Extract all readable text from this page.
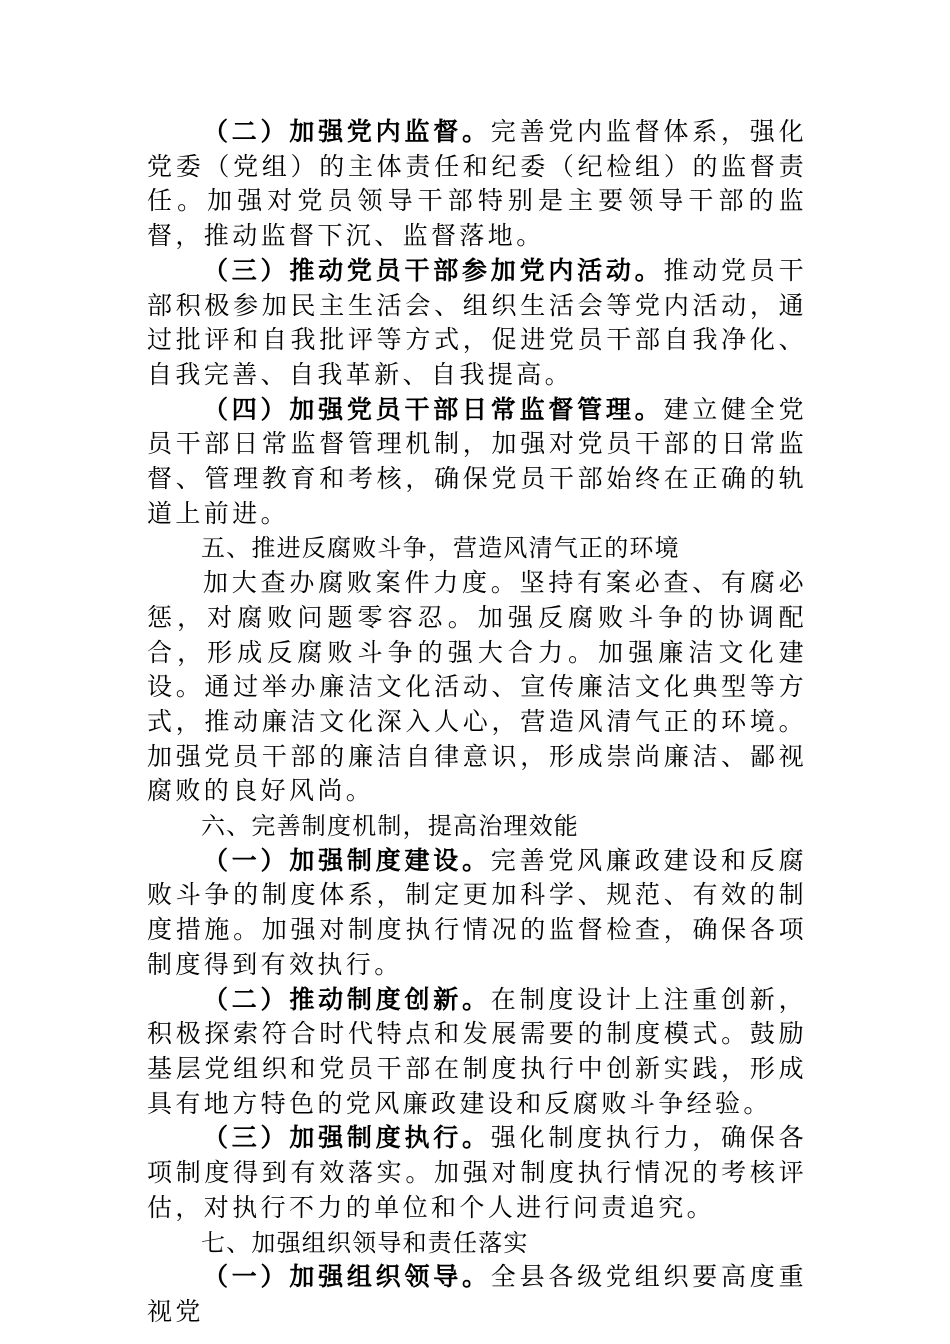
（二）加强党内监督。完善党内监督体系，强化党委（党组）的主体责任和纪委（纪检组）的监督责任。加强对党员领导干部特别是主要领导干部的监督，推动监督下沉、监督落地。

（三）推动党员干部参加党内活动。推动党员干部积极参加民主生活会、组织生活会等党内活动，通过批评和自我批评等方式，促进党员干部自我净化、自我完善、自我革新、自我提高。

（四）加强党员干部日常监督管理。建立健全党员干部日常监督管理机制，加强对党员干部的日常监督、管理教育和考核，确保党员干部始终在正确的轨道上前进。

五、推进反腐败斗争，营造风清气正的环境

加大查办腐败案件力度。坚持有案必查、有腐必惩，对腐败问题零容忍。加强反腐败斗争的协调配合，形成反腐败斗争的强大合力。加强廉洁文化建设。通过举办廉洁文化活动、宣传廉洁文化典型等方式，推动廉洁文化深入人心，营造风清气正的环境。加强党员干部的廉洁自律意识，形成崇尚廉洁、鄙视腐败的良好风尚。

六、完善制度机制，提高治理效能

（一）加强制度建设。完善党风廉政建设和反腐败斗争的制度体系，制定更加科学、规范、有效的制度措施。加强对制度执行情况的监督检查，确保各项制度得到有效执行。

（二）推动制度创新。在制度设计上注重创新，积极探索符合时代特点和发展需要的制度模式。鼓励基层党组织和党员干部在制度执行中创新实践，形成具有地方特色的党风廉政建设和反腐败斗争经验。

（三）加强制度执行。强化制度执行力，确保各项制度得到有效落实。加强对制度执行情况的考核评估，对执行不力的单位和个人进行问责追究。

七、加强组织领导和责任落实

（一）加强组织领导。全县各级党组织要高度重视党
